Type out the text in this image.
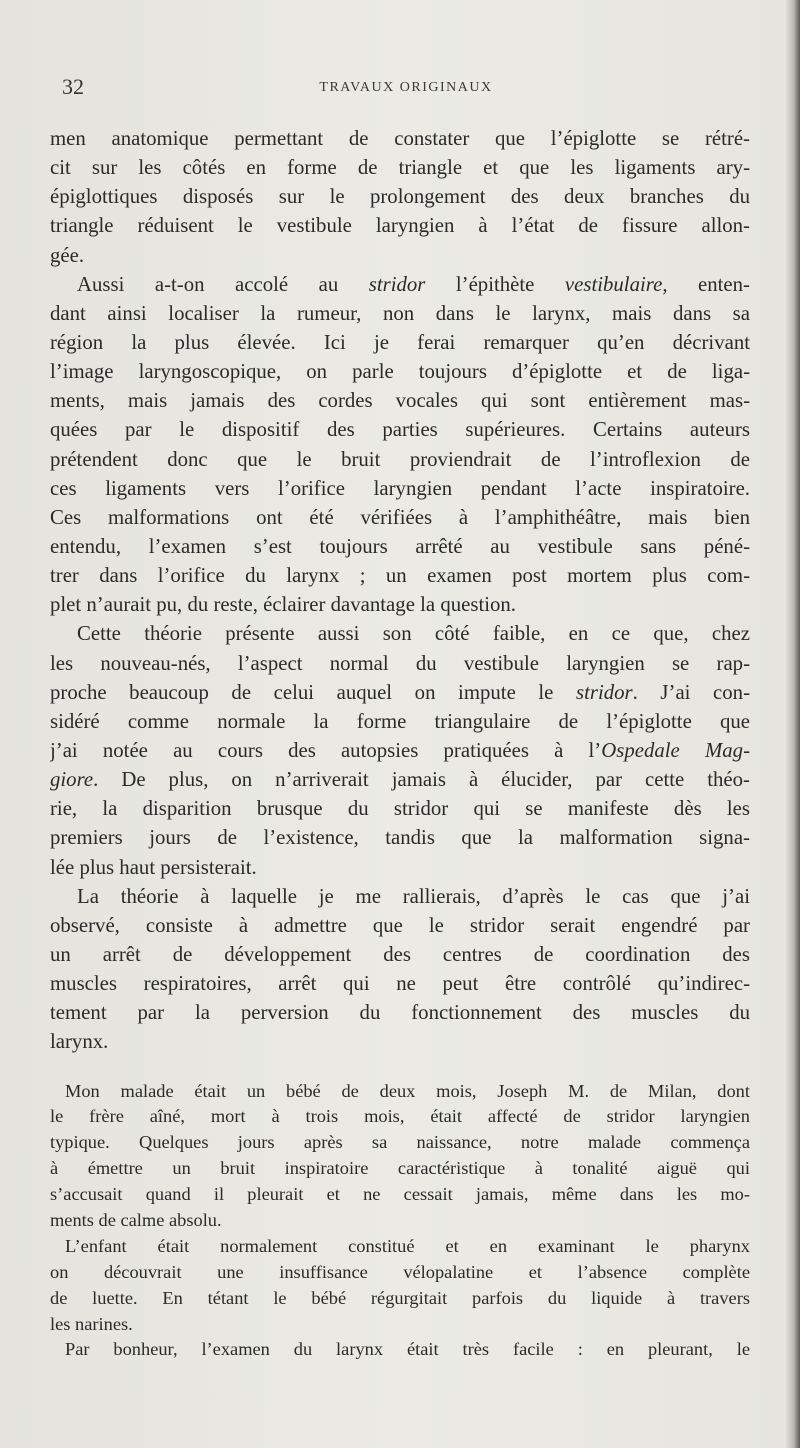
32	TRAVAUX ORIGINAUX
men anatomique permettant de constater que l’épiglotte se rétré-
cit sur les côtés en forme de triangle et que les ligaments ary-
épiglottiques disposés sur le prolongement des deux branches du
triangle réduisent le vestibule laryngien à l’état de fissure allon-
gée.
Aussi a-t-on accolé au stridor l’épithète vestibulaire, enten-
dant ainsi localiser la rumeur, non dans le larynx, mais dans sa
région la plus élevée. Ici je ferai remarquer qu’en décrivant
l’image laryngoscopique, on parle toujours d’épiglotte et de liga-
ments, mais jamais des cordes vocales qui sont entièrement mas-
quées par le dispositif des parties supérieures. Certains auteurs
prétendent donc que le bruit proviendrait de l’introflexion de
ces ligaments vers l’orifice laryngien pendant l’acte inspiratoire.
Ces malformations ont été vérifiées à l’amphithéâtre, mais bien
entendu, l’examen s’est toujours arrêté au vestibule sans péné-
trer dans l’orifice du larynx ; un examen post mortem plus com-
plet n’aurait pu, du reste, éclairer davantage la question.
Cette théorie présente aussi son côté faible, en ce que, chez
les nouveau-nés, l’aspect normal du vestibule laryngien se rap-
proche beaucoup de celui auquel on impute le stridor. J’ai con-
sidéré comme normale la forme triangulaire de l’épiglotte que
j’ai notée au cours des autopsies pratiquées à l’Ospedale Mag-
giore. De plus, on n’arriverait jamais à élucider, par cette théo-
rie, la disparition brusque du stridor qui se manifeste dès les
premiers jours de l’existence, tandis que la malformation signa-
lée plus haut persisterait.
La théorie à laquelle je me rallierais, d’après le cas que j’ai
observé, consiste à admettre que le stridor serait engendré par
un arrêt de développement des centres de coordination des
muscles respiratoires, arrêt qui ne peut être contrôlé qu’indirec-
tement par la perversion du fonctionnement des muscles du
larynx.
Mon malade était un bébé de deux mois, Joseph M. de Milan, dont
le frère aîné, mort à trois mois, était affecté de stridor laryngien
typique. Quelques jours après sa naissance, notre malade commença
à émettre un bruit inspiratoire caractéristique à tonalité aiguë qui
s’accusait quand il pleurait et ne cessait jamais, même dans les mo-
ments de calme absolu.
L’enfant était normalement constitué et en examinant le pharynx
on découvrait une insuffisance vélopalatine et l’absence complète
de luette. En tétant le bébé régurgitait parfois du liquide à travers
les narines.
Par bonheur, l’examen du larynx était très facile : en pleurant, le
